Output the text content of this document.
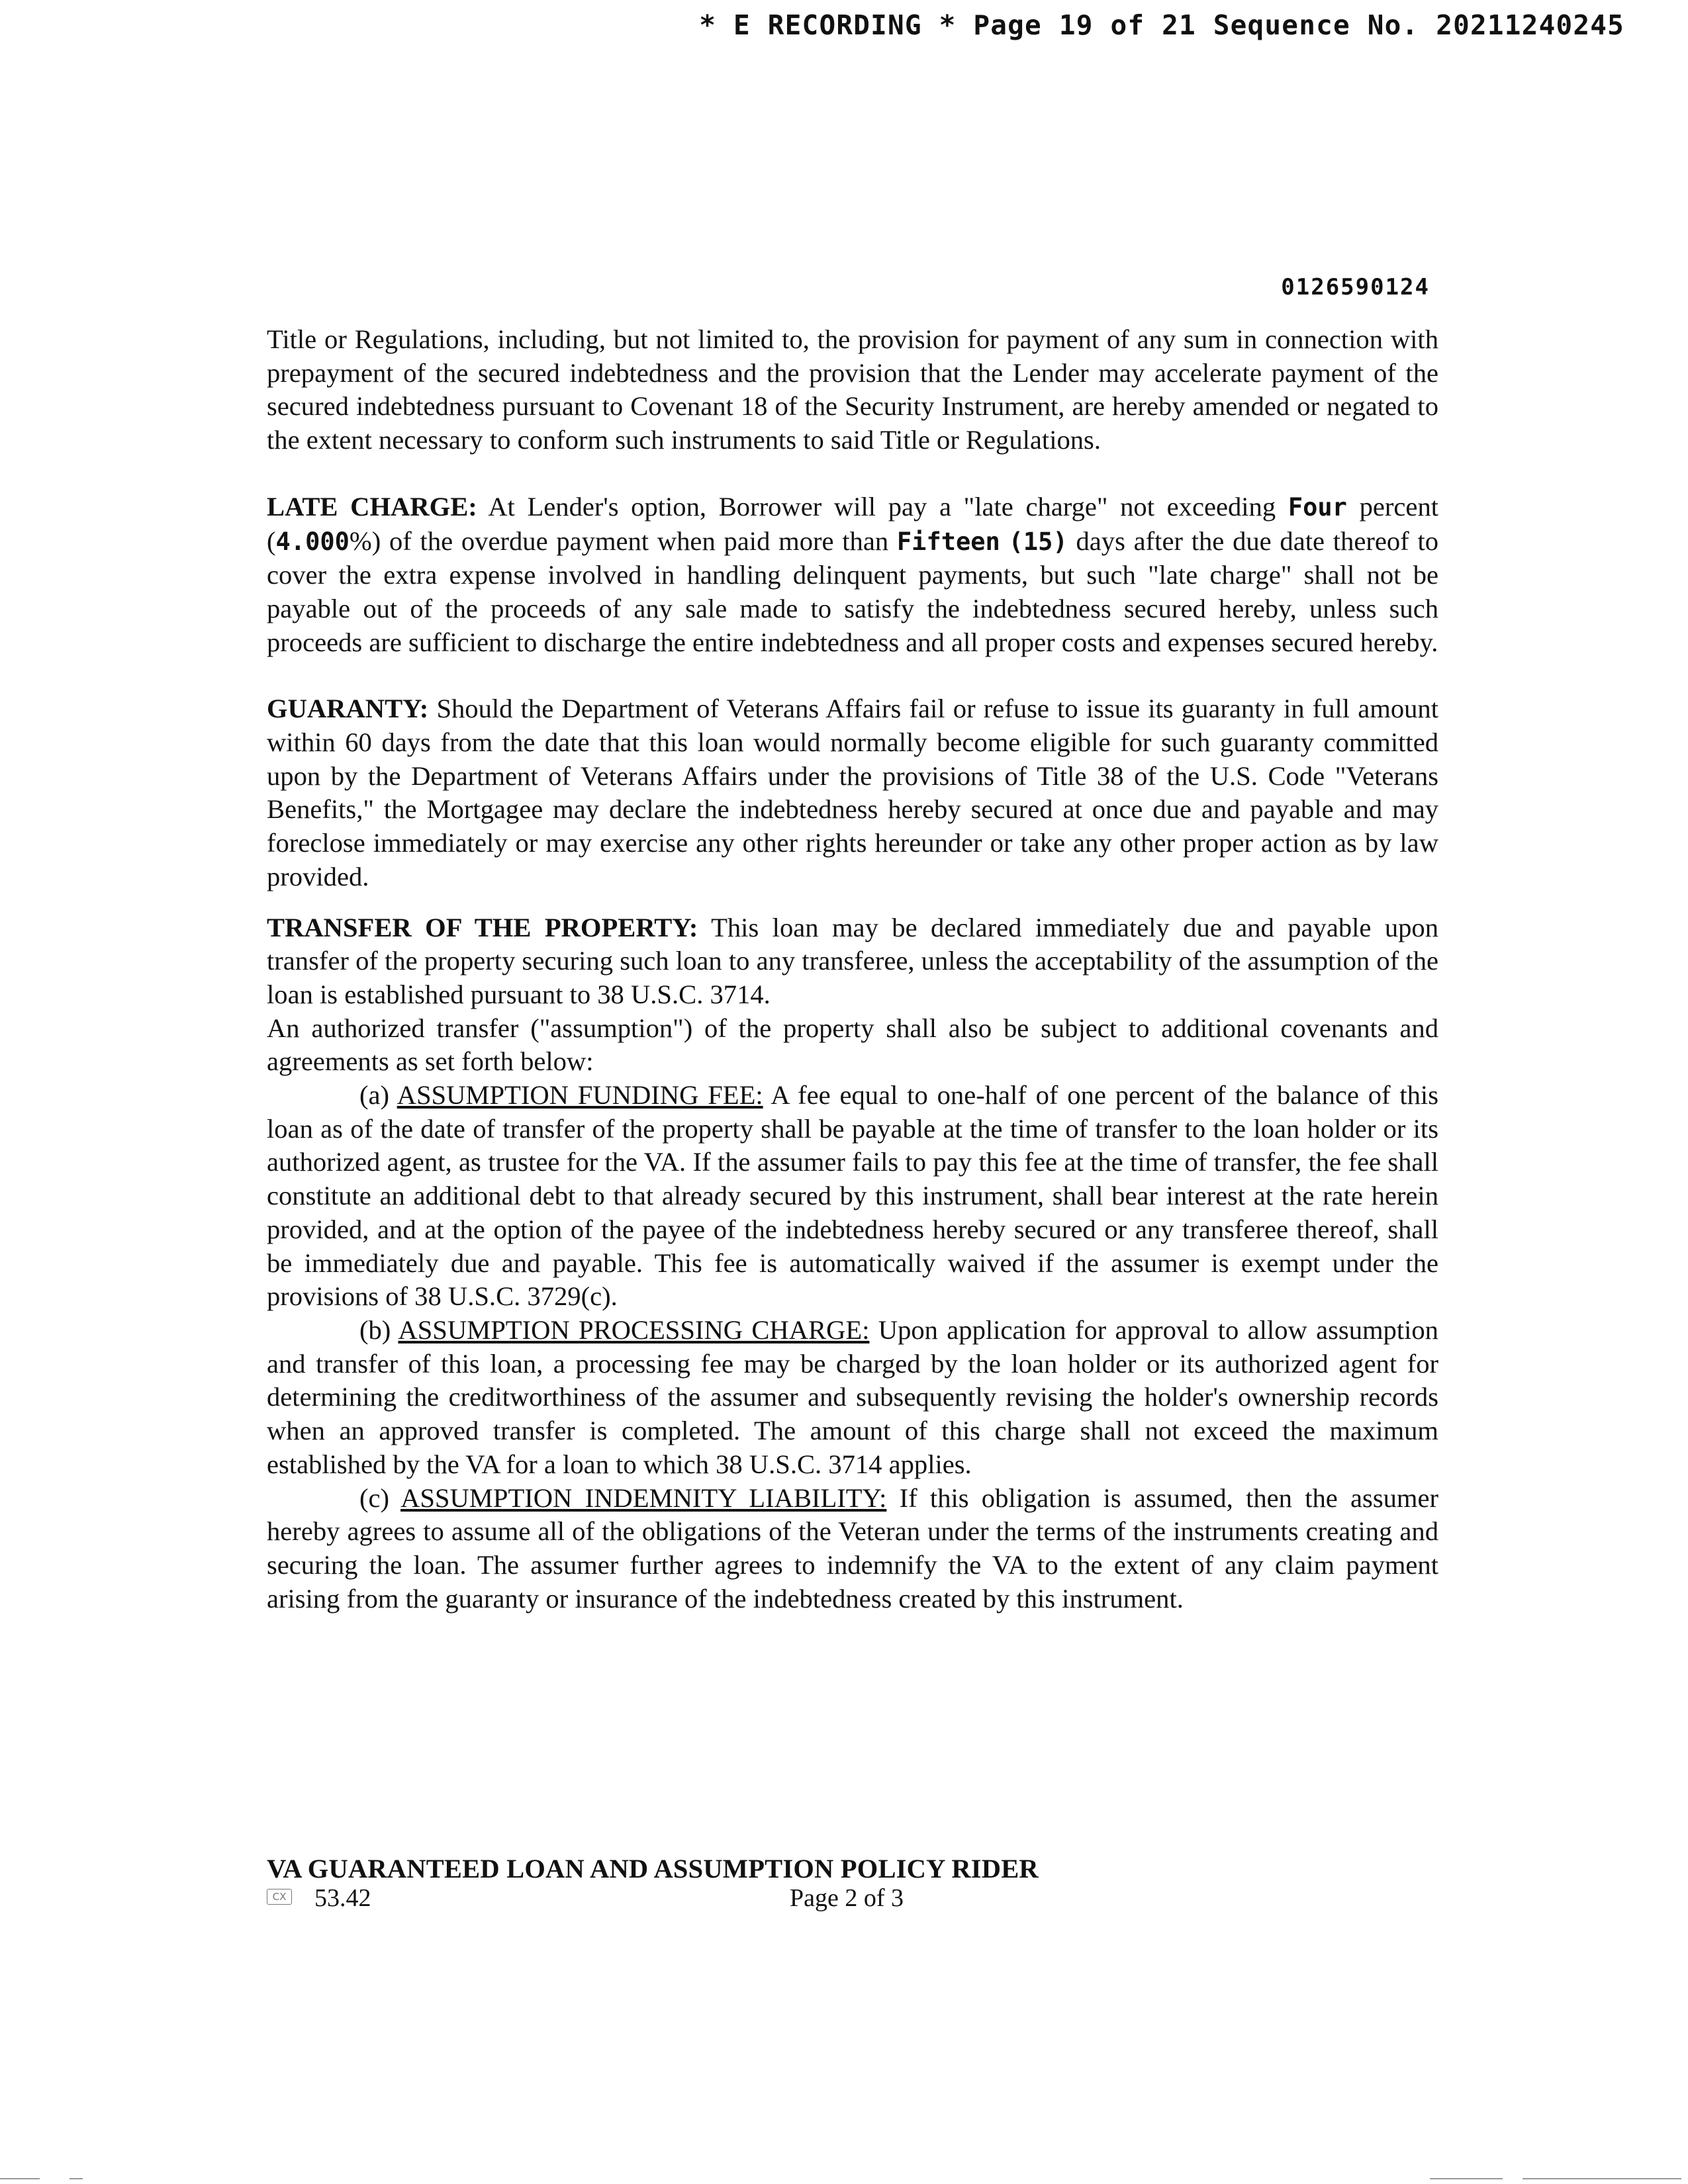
* E RECORDING * Page 19 of 21 Sequence No. 20211240245
0126590124

Title or Regulations, including, but not limited to, the provision for payment of any sum in connection with prepayment of the secured indebtedness and the provision that the Lender may accelerate payment of the secured indebtedness pursuant to Covenant 18 of the Security Instrument, are hereby amended or negated to the extent necessary to conform such instruments to said Title or Regulations.

LATE CHARGE: At Lender's option, Borrower will pay a "late charge" not exceeding Four percent (4.000%) of the overdue payment when paid more than Fifteen (15) days after the due date thereof to cover the extra expense involved in handling delinquent payments, but such "late charge" shall not be payable out of the proceeds of any sale made to satisfy the indebtedness secured hereby, unless such proceeds are sufficient to discharge the entire indebtedness and all proper costs and expenses secured hereby.

GUARANTY: Should the Department of Veterans Affairs fail or refuse to issue its guaranty in full amount within 60 days from the date that this loan would normally become eligible for such guaranty committed upon by the Department of Veterans Affairs under the provisions of Title 38 of the U.S. Code "Veterans Benefits," the Mortgagee may declare the indebtedness hereby secured at once due and payable and may foreclose immediately or may exercise any other rights hereunder or take any other proper action as by law provided.

TRANSFER OF THE PROPERTY: This loan may be declared immediately due and payable upon transfer of the property securing such loan to any transferee, unless the acceptability of the assumption of the loan is established pursuant to 38 U.S.C. 3714.

An authorized transfer ("assumption") of the property shall also be subject to additional covenants and agreements as set forth below:

(a) ASSUMPTION FUNDING FEE: A fee equal to one-half of one percent of the balance of this loan as of the date of transfer of the property shall be payable at the time of transfer to the loan holder or its authorized agent, as trustee for the VA. If the assumer fails to pay this fee at the time of transfer, the fee shall constitute an additional debt to that already secured by this instrument, shall bear interest at the rate herein provided, and at the option of the payee of the indebtedness hereby secured or any transferee thereof, shall be immediately due and payable. This fee is automatically waived if the assumer is exempt under the provisions of 38 U.S.C. 3729(c).

(b) ASSUMPTION PROCESSING CHARGE: Upon application for approval to allow assumption and transfer of this loan, a processing fee may be charged by the loan holder or its authorized agent for determining the creditworthiness of the assumer and subsequently revising the holder's ownership records when an approved transfer is completed. The amount of this charge shall not exceed the maximum established by the VA for a loan to which 38 U.S.C. 3714 applies.

(c) ASSUMPTION INDEMNITY LIABILITY: If this obligation is assumed, then the assumer hereby agrees to assume all of the obligations of the Veteran under the terms of the instruments creating and securing the loan. The assumer further agrees to indemnify the VA to the extent of any claim payment arising from the guaranty or insurance of the indebtedness created by this instrument.

VA GUARANTEED LOAN AND ASSUMPTION POLICY RIDER
CX 53.42	Page 2 of 3
